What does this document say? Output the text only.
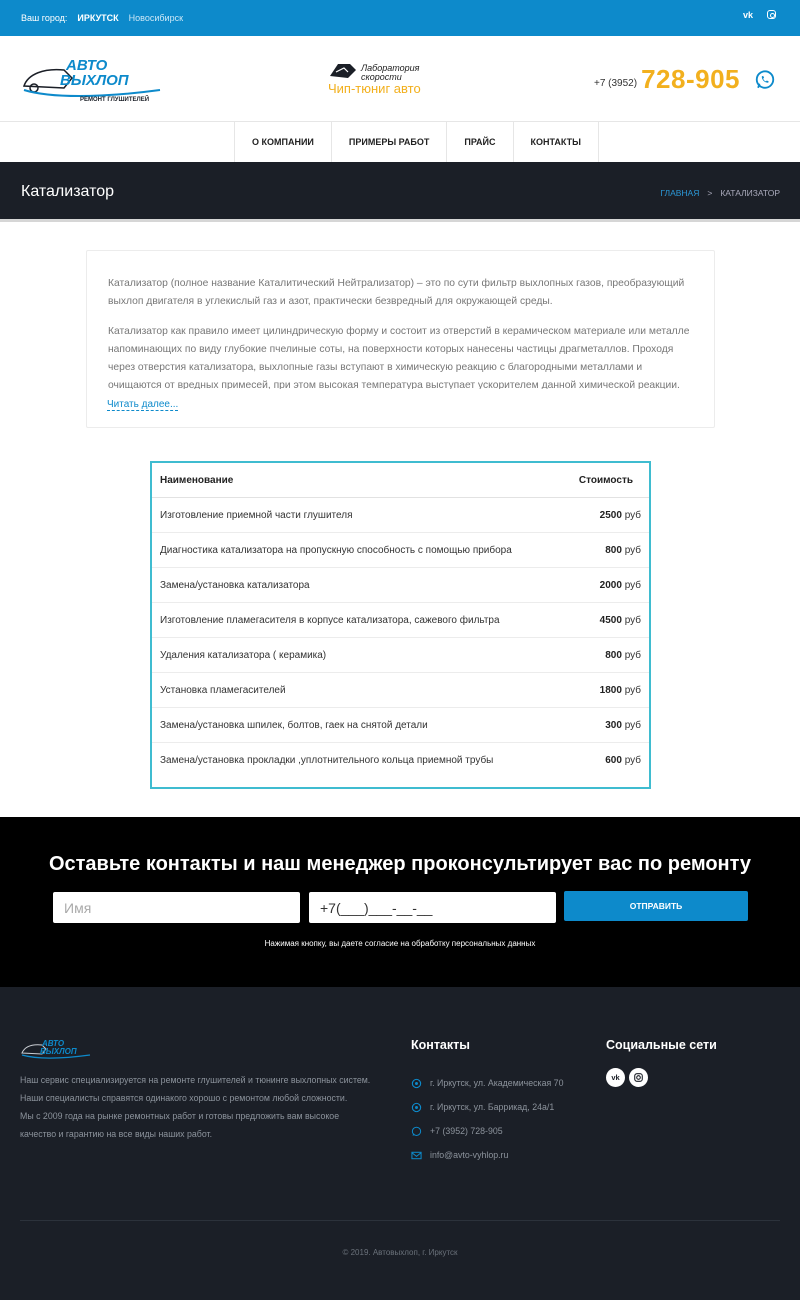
Ваш город: ИРКУТСК Новосибирск	vk
АВТО
ВЫХЛОП
РЕМОНТ ГЛУШИТЕЛЕЙ
Лаборатория скорости
Чип-тюниг авто	+7 (3952) 728-905
О КОМПАНИИ	ПРИМЕРЫ РАБОТ	ПРАЙС	КОНТАКТЫ
Катализатор	ГЛАВНАЯ > КАТАЛИЗАТОР

Катализатор (полное название Каталитический Нейтрализатор) – это по сути фильтр выхлопных газов, преобразующий выхлоп двигателя в углекислый газ и азот, практически безвредный для окружающей среды.

Катализатор как правило имеет цилиндрическую форму и состоит из отверстий в керамическом материале или металле напоминающих по виду глубокие пчелиные соты, на поверхности которых нанесены частицы драгметаллов. Проходя через отверстия катализатора, выхлопные газы вступают в химическую реакцию с благородными металлами и очищаются от вредных примесей, при этом высокая температура выступает ускорителем данной химической реакции.

Читать далее...
Наименование	Стоимость
Изготовление приемной части глушителя	2500 руб
Диагностика катализатора на пропускную способность с помощью прибора	800 руб
Замена/установка катализатора	2000 руб
Изготовление пламегасителя в корпусе катализатора, сажевого фильтра	4500 руб
Удаления катализатора ( керамика)	800 руб
Установка пламегасителей	1800 руб
Замена/установка шпилек, болтов, гаек на снятой детали	300 руб
Замена/установка прокладки ,уплотнительного кольца приемной трубы	600 руб
Оставьте контакты и наш менеджер проконсультирует вас по ремонту
Имя	+7(___)___-__-__	ОТПРАВИТЬ
Нажимая кнопку, вы даете согласие на обработку персональных данных
АВТО
ВЫХЛОП
Наш сервис специализируется на ремонте глушителей и тюнинге выхлопных систем.
Наши специалисты справятся одинакого хорошо с ремонтом любой сложности.
Мы с 2009 года на рынке ремонтных работ и готовы предложить вам высокое
качество и гарантию на все виды наших работ.
Контакты
г. Иркутск, ул. Академическая 70
г. Иркутск, ул. Баррикад, 24а/1
+7 (3952) 728-905
info@avto-vyhlop.ru
Социальные сети
vk
© 2019. Автовыхлоп, г. Иркутск
